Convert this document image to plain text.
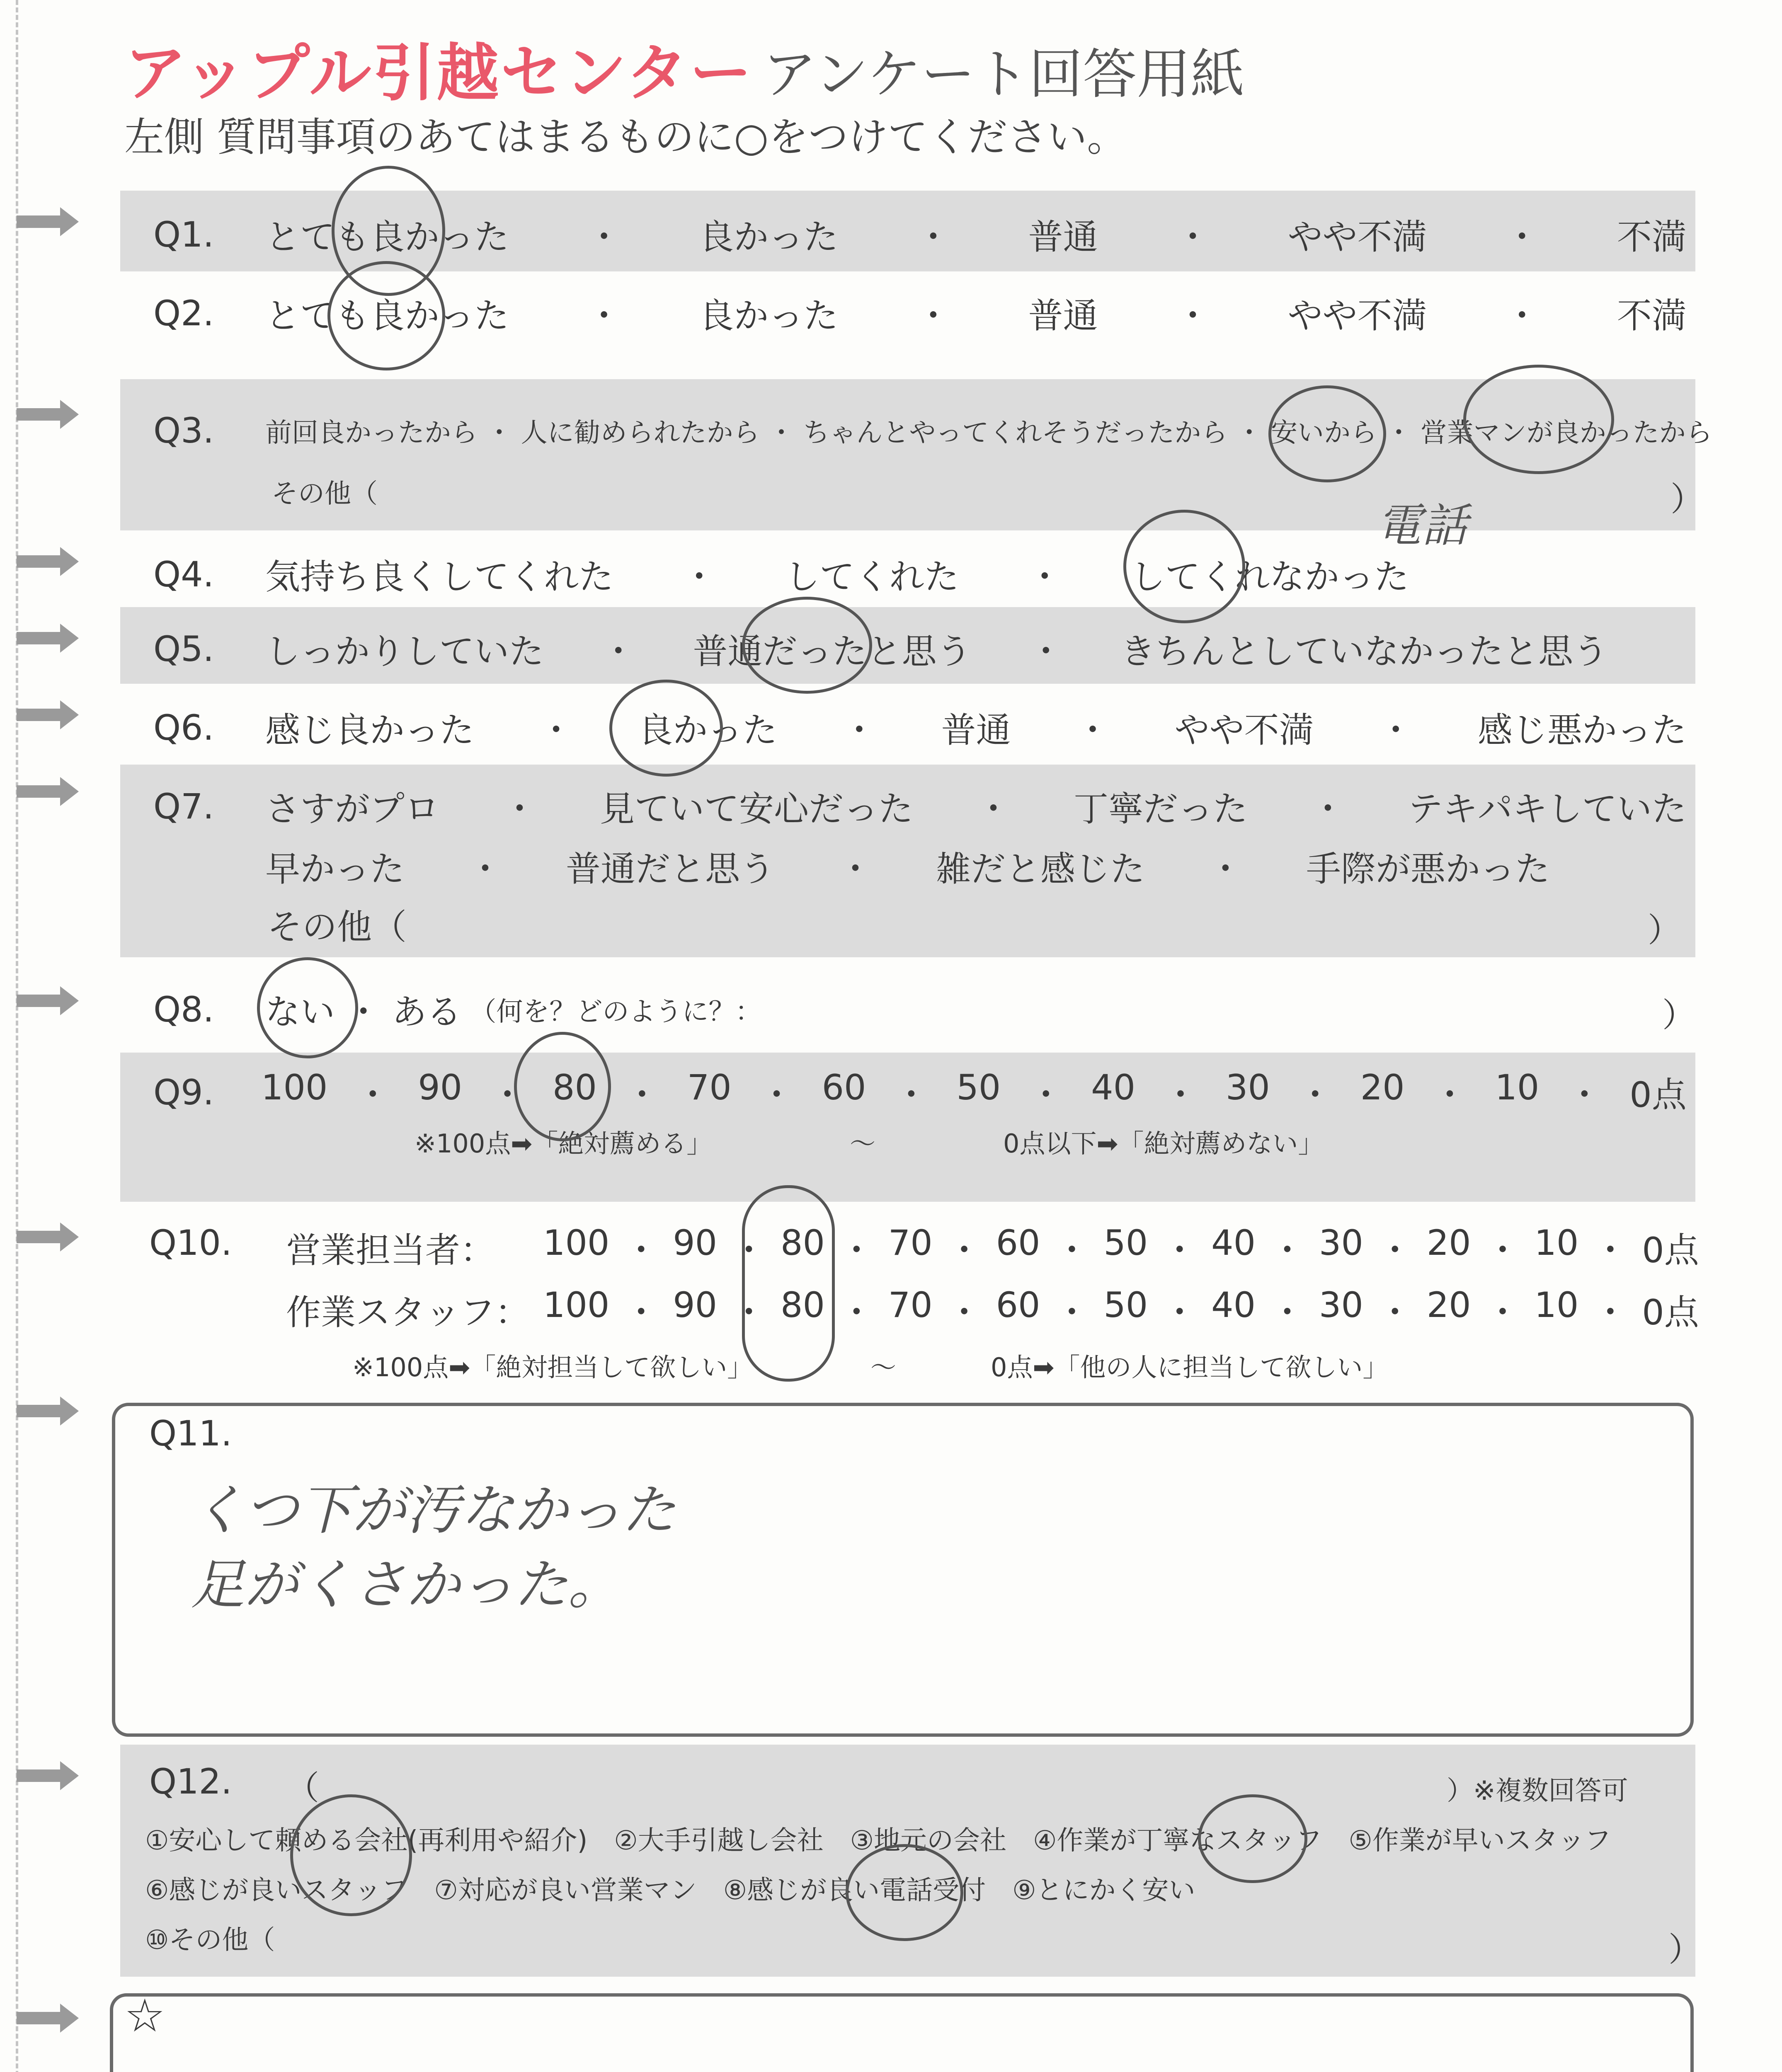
アップル引越センター アンケート回答用紙
左側 質問事項のあてはまるものに○をつけてください。
Q1.	とても良かった ・ 良かった ・ 普通 ・ やや不満 ・ 不満
Q2.	とても良かった ・ 良かった ・ 普通 ・ やや不満 ・ 不満
Q3.	前回良かったから ・ 人に勧められたから ・ ちゃんとやってくれそうだったから ・ 安いから ・ 営業マンが良かったから
その他（	）
電話
Q4.	気持ち良くしてくれた ・ してくれた ・ してくれなかった
Q5.	しっかりしていた ・ 普通だったと思う ・ きちんとしていなかったと思う
Q6.	感じ良かった ・ 良かった ・ 普通 ・ やや不満 ・ 感じ悪かった
Q7.	さすがプロ ・ 見ていて安心だった ・ 丁寧だった ・ テキパキしていた
早かった ・ 普通だと思う ・ 雑だと感じた ・ 手際が悪かった
その他（	）
Q8.	ない ・ ある （何を？どのように？：	）
Q9.	100 ・ 90 ・ 80 ・ 70 ・ 60 ・ 50 ・ 40 ・ 30 ・ 20 ・ 10 ・ 0点
※100点➡「絶対薦める」	〜	0点以下➡「絶対薦めない」
Q10. 営業担当者：	100 ・ 90 ・ 80 ・ 70 ・ 60 ・ 50 ・ 40 ・ 30 ・ 20 ・ 10 ・ 0点
作業スタッフ： 100 ・ 90 ・ 80 ・ 70 ・ 60 ・ 50 ・ 40 ・ 30 ・ 20 ・ 10 ・ 0点
※100点➡「絶対担当して欲しい」	〜	0点➡「他の人に担当して欲しい」
Q11.
くつ下が汚なかった
足がくさかった。
Q12. （	）※複数回答可
①安心して頼める会社(再利用や紹介)　②大手引越し会社　③地元の会社　④作業が丁寧なスタッフ　⑤作業が早いスタッフ
⑥感じが良いスタッフ　⑦対応が良い営業マン　⑧感じが良い電話受付　⑨とにかく安い
⑩その他（	）
☆
